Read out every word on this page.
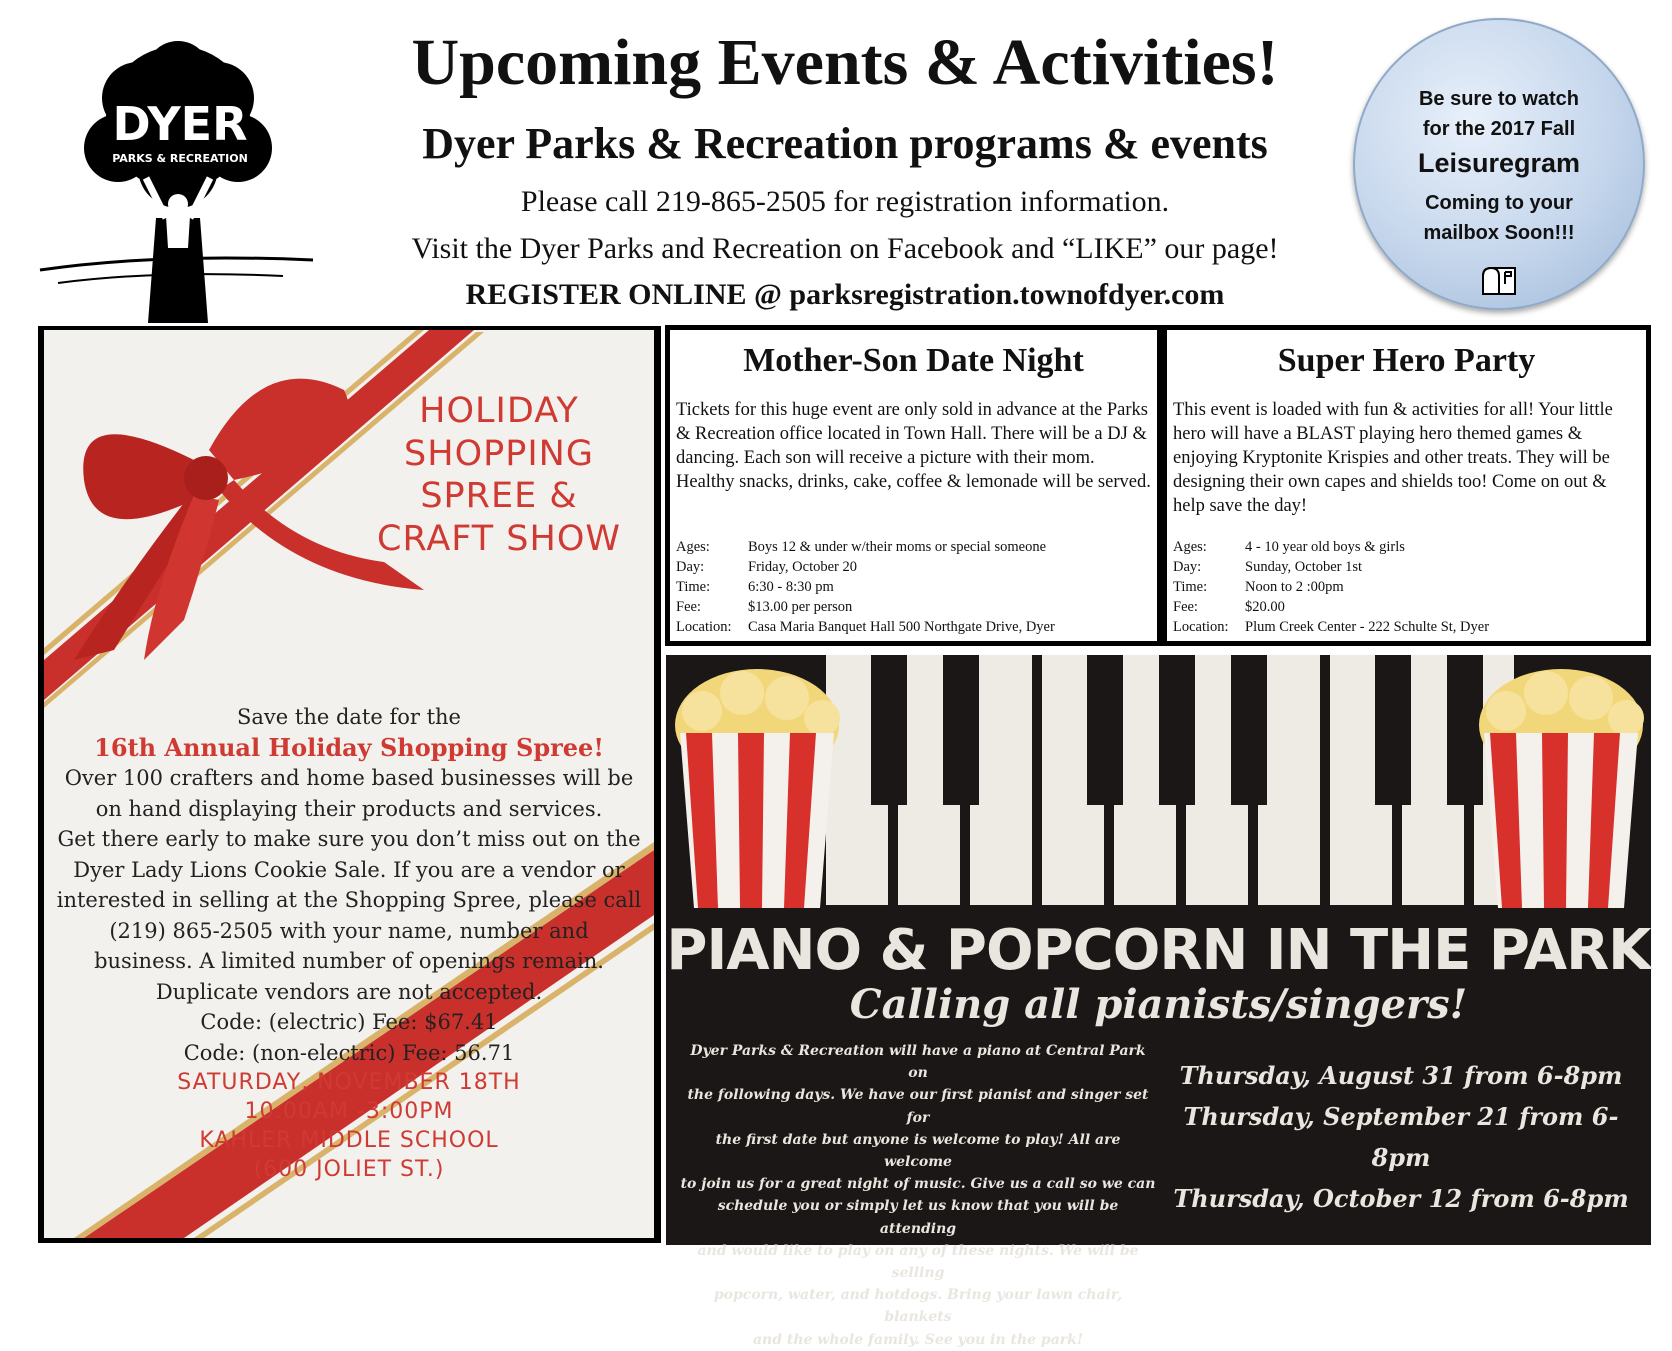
DYER
PARKS & RECREATION
Upcoming Events & Activities!
Dyer Parks & Recreation programs & events
Please call 219-865-2505 for registration information.
Visit the Dyer Parks and Recreation on Facebook and “LIKE” our page!
REGISTER ONLINE @ parksregistration.townofdyer.com
Be sure to watch
for the 2017 Fall
Leisuregram
Coming to your
mailbox Soon!!!
HOLIDAY
SHOPPING
SPREE &
CRAFT SHOW
Save the date for the
16th Annual Holiday Shopping Spree!
Over 100 crafters and home based businesses will be
on hand displaying their products and services.
Get there early to make sure you don’t miss out on the
Dyer Lady Lions Cookie Sale. If you are a vendor or
interested in selling at the Shopping Spree, please call
(219) 865-2505 with your name, number and
business. A limited number of openings remain.
Duplicate vendors are not accepted.
Code: (electric) Fee: $67.41
Code: (non-electric) Fee: 56.71
SATURDAY, NOVEMBER 18TH
10:00AM -3:00PM
KAHLER MIDDLE SCHOOL
(600 JOLIET ST.)
Mother-Son Date Night
Tickets for this huge event are only sold in advance at the Parks & Recreation office located in Town Hall. There will be a DJ & dancing. Each son will receive a picture with their mom. Healthy snacks, drinks, cake, coffee & lemonade will be served.
Ages:	Boys 12 & under w/their moms or special someone
Day:	Friday, October 20
Time:	6:30 - 8:30 pm
Fee:	$13.00 per person
Location:	Casa Maria Banquet Hall 500 Northgate Drive, Dyer
Super Hero Party
This event is loaded with fun & activities for all! Your little hero will have a BLAST playing hero themed games & enjoying Kryptonite Krispies and other treats. They will be designing their own capes and shields too! Come on out & help save the day!
Ages:	4 - 10 year old boys & girls
Day:	Sunday, October 1st
Time:	Noon to 2 :00pm
Fee:	$20.00
Location:	Plum Creek Center - 222 Schulte St, Dyer
PIANO & POPCORN IN THE PARK
Calling all pianists/singers!
Dyer Parks & Recreation will have a piano at Central Park on
the following days. We have our first pianist and singer set for
the first date but anyone is welcome to play! All are welcome
to join us for a great night of music. Give us a call so we can
schedule you or simply let us know that you will be attending
and would like to play on any of these nights. We will be selling
popcorn, water, and hotdogs. Bring your lawn chair, blankets
and the whole family. See you in the park!
Thursday, August 31 from 6-8pm
Thursday, September 21 from 6-8pm
Thursday, October 12 from 6-8pm
